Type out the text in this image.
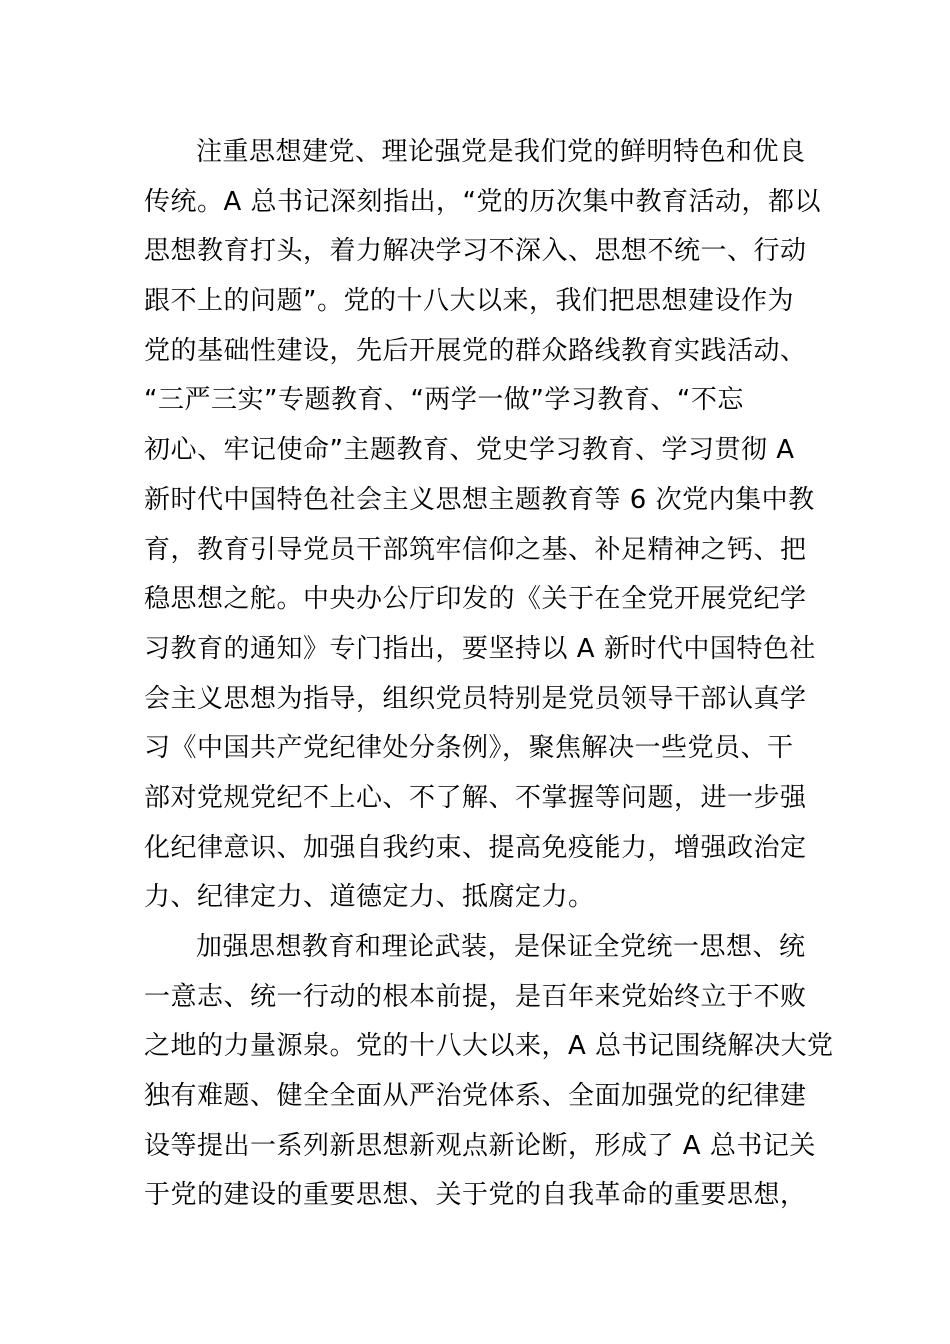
注重思想建党、理论强党是我们党的鲜明特色和优良
传统。A 总书记深刻指出，“党的历次集中教育活动，都以
思想教育打头，着力解决学习不深入、思想不统一、行动
跟不上的问题”。党的十八大以来，我们把思想建设作为
党的基础性建设，先后开展党的群众路线教育实践活动、
“三严三实”专题教育、“两学一做”学习教育、“不忘
初心、牢记使命”主题教育、党史学习教育、学习贯彻 A
新时代中国特色社会主义思想主题教育等 6 次党内集中教
育，教育引导党员干部筑牢信仰之基、补足精神之钙、把
稳思想之舵。中央办公厅印发的《关于在全党开展党纪学
习教育的通知》专门指出，要坚持以 A 新时代中国特色社
会主义思想为指导，组织党员特别是党员领导干部认真学
习《中国共产党纪律处分条例》，聚焦解决一些党员、干
部对党规党纪不上心、不了解、不掌握等问题，进一步强
化纪律意识、加强自我约束、提高免疫能力，增强政治定
力、纪律定力、道德定力、抵腐定力。
加强思想教育和理论武装，是保证全党统一思想、统
一意志、统一行动的根本前提，是百年来党始终立于不败
之地的力量源泉。党的十八大以来，A 总书记围绕解决大党
独有难题、健全全面从严治党体系、全面加强党的纪律建
设等提出一系列新思想新观点新论断，形成了 A 总书记关
于党的建设的重要思想、关于党的自我革命的重要思想，
